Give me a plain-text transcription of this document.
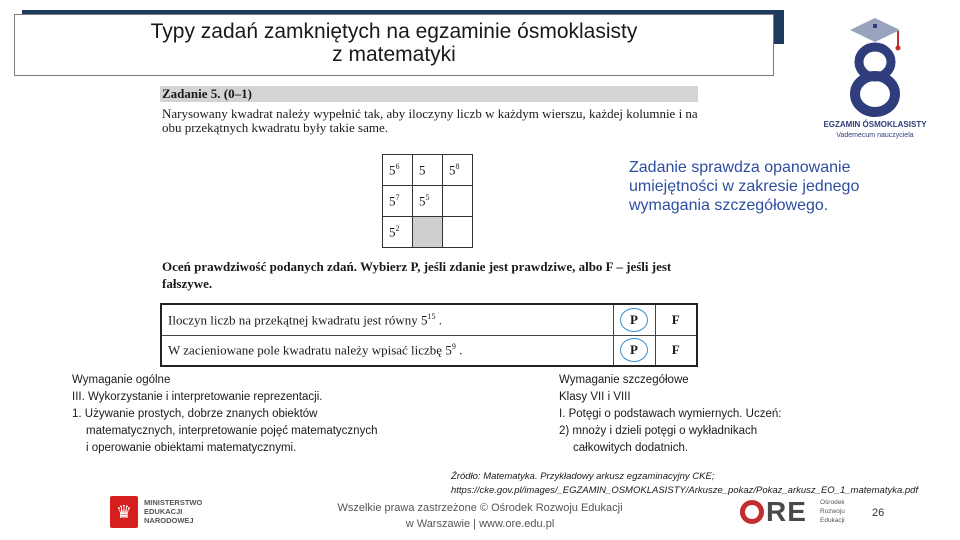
Typy zadań zamkniętych na egzaminie ósmoklasisty
z matematyki
EGZAMIN ÓSMOKLASISTY
Vademecum nauczyciela
Zadanie 5. (0–1)
Narysowany kwadrat należy wypełnić tak, aby iloczyny liczb w każdym wierszu, każdej kolumnie i na obu przekątnych kwadratu były takie same.
$5^6$	5	$5^8$
$5^7$	$5^5$	
$5^2$		
Oceń prawdziwość podanych zdań. Wybierz P, jeśli zdanie jest prawdziwe, albo F – jeśli jest fałszywe.
Iloczyn liczb na przekątnej kwadratu jest równy $5^{15}$ .	P	F
W zacieniowane pole kwadratu należy wpisać liczbę $5^9$ .	P	F
Zadanie sprawdza opanowanie umiejętności w zakresie jednego wymagania szczegółowego.
Wymaganie ogólne
III. Wykorzystanie i interpretowanie reprezentacji.
1. Używanie prostych, dobrze znanych obiektów
matematycznych, interpretowanie pojęć matematycznych
i operowanie obiektami matematycznymi.
Wymaganie szczegółowe
Klasy VII i VIII
I. Potęgi o podstawach wymiernych. Uczeń:
2) mnoży i dzieli potęgi o wykładnikach
całkowitych dodatnich.
Źródło: Matematyka. Przykładowy arkusz egzaminacyjny CKE;
https://cke.gov.pl/images/_EGZAMIN_OSMOKLASISTY/Arkusze_pokaz/Pokaz_arkusz_EO_1_matematyka.pdf
♛	MINISTERSTWO
EDUKACJI
NARODOWEJ
Wszelkie prawa zastrzeżone © Ośrodek Rozwoju Edukacji
w Warszawie | www.ore.edu.pl	RE Ośrodek
Rozwoju
Edukacji
26
